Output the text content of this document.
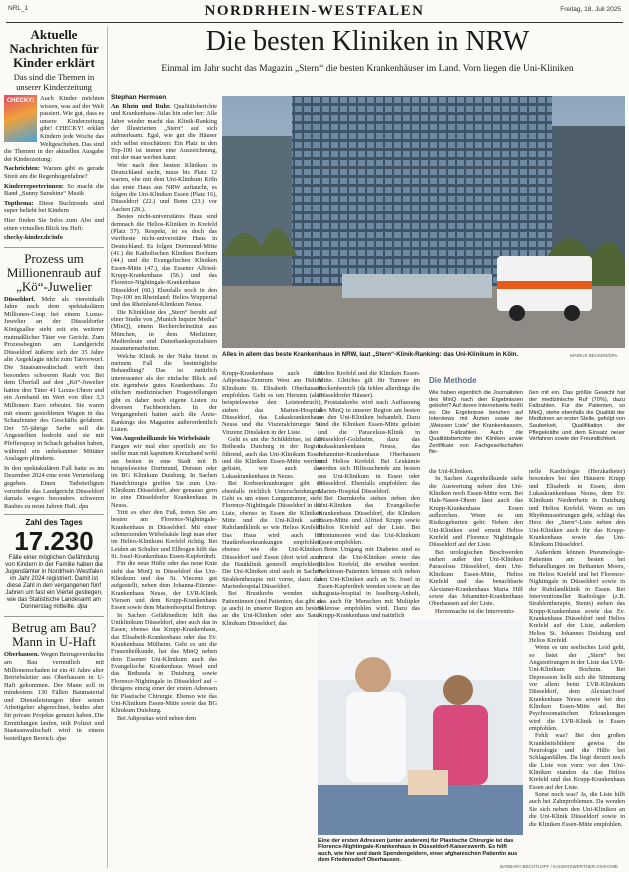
NRL_1	NORDRHEIN-WESTFALEN	Freitag, 18. Juli 2025
Aktuelle Nachrichten für Kinder erklärt
Das sind die Themen in unserer Kinderzeitung
CHECKY! Auch Kinder möchten wissen, was auf der Welt passiert. Wie gut, dass es unsere Kinderzeitung gibt! CHECKY! erklärt Kindern jede Woche das Weltgeschehen. Das sind die Themen in der aktuellen Ausgabe der Kinderzeitung:

Nachrichten: Warum gibt es gerade Streit um die Regenbogenfahne?

Kinderreporterinnen: So macht die Band „Sunny Sunshine“ Musik

Topthema: Diese Buchtrends sind super beliebt bei Kindern

Hier finden Sie Infos zum Abo und einen virtuellen Blick ins Heft:

checky-kinder.de/info

Prozess um Millionenraub auf „Kö“-Juwelier

Düsseldorf. Mehr als viereinhalb Jahre nach dem spektakulären Millionen-Coup bei einem Luxus-Juwelier an der Düsseldorfer Königsallee steht zeit ein weiterer mutmaßlicher Täter vor Gericht. Zum Prozessbeginn am Landgericht Düsseldorf äußerte sich der 35 Jahre alte Angeklagte nicht zum Tatvorwurf. Die Staatsanwaltschaft wirft ihm besonders schweren Raub vor. Bei dem Überfall auf den „Kö“-Juwelier hatten drei Täter 41 Luxus-Uhren und ein Armband im Wert von über 3,3 Millionen Euro erbeutet. Sie waren mit einem gestohlenen Wagen in das Schaufenster des Geschäfts gefahren. Der 55-jährige Serbe soll die Angestellten bedroht und sie mit Pfefferspray in Schach gehalten haben, während ein unbekannter Mittäter Auslagen plünderte.

In den spektakulären Fall hatte es im Dezember 2024 eine erste Verurteilung gegeben. Einen Tatbeteiligten verurteilte das Landgericht Düsseldorf damals wegen besonders schweren Raubes zu neun Jahren Haft. dpa

Zahl des Tages

17.230

Fälle einer möglichen Gefährdung von Kindern in der Familie haben die Jugendämter in Nordrhein-Westfalen im Jahr 2024 registriert. Damit ist diese Zahl in den vergangenen fünf Jahren um fast ein Viertel gestiegen, wie das Statistische Landesamt am Donnerstag mitteilte. dpa

Betrug am Bau? Mann in U-Haft

Oberhausen. Wegen Betrugsverdachts am Bau vermutlich mit Millionenschaden ist ein 41 Jahre alter Betriebsleiter aus Oberhausen in U-Haft gekommen. Der Mann soll in mindestens 130 Fällen Baumaterial und Dienstleistungen über seinen Arbeitgeber abgerechnet, beides aber für private Projekte genutzt haben. Die Ermittlungen laufen, teilt Polizei und Staatsanwaltschaft wird in einem besteiligen Bereich. dpa

Die besten Kliniken in NRW
Einmal im Jahr sucht das Magazin „Stern“ die besten Krankenhäuser im Land. Vorn liegen die Uni-Kliniken
Stephan Hermsen

An Rhein und Ruhr. Qualitätsberichte und Krankenhaus-Atlas hin oder her: Alle Jahre wieder macht das Klinik-Ranking der Illustrierten „Stern“ auf sich aufmerksam. Egal, wie gut die Häuser sich selbst einschätzen: Ein Platz in den Top-100 ist immer eine Auszeichnung, mit der man werben kann.

Wer nach den besten Kliniken in Deutschland sucht, muss bis Platz 12 warten, ehe mit dem Uni-Klinikum Köln das erste Haus aus NRW auftaucht, es folgen die Uni-Kliniken Essen (Platz 16), Düsseldorf (22.) und Bonn (23.) vor Aachen (28.).

Bestes nicht-universitäres Haus sind demnach die Helios-Kliniken in Krefeld (Platz 57). Respekt, ist es doch das viertbeste nicht-universitäre Haus in Deutschland. Es folgen Dortmund-Mitte (41.) die Katholischen Kliniken Bochum (44.) und die Evangelischen Kliniken Essen-Mitte (47.), das Essener Alfried-Krupp-Krankenhaus (56.) und das Florence-Nightingale-Krankenhaus Düsseldorf (60.) Ebenfalls noch in den Top-100 im Rheinland: Helios Wuppertal und das Rheinland-Klinikum Neuss.

Die Klinikliste des „Stern“ beruht auf einer Studie von „Munich Inquire Media“ (MinQ), einem Rechercheinstitut aus München, in dem Mediziner, Medienleute und Datenbankspezialisten zusammenarbeiten.

Welche Klinik in der Nähe bietet in meinem Fall die bestmögliche Behandlung? Das ist natürlich interessanter als der einfache Blick auf ein irgendwie gutes Krankenhaus. Zu etlichen medizinischen Fragestellungen gibt es daher noch eigene Listen zu diversen Fachbereichen. In der Vergangenheit hatten auch die Ärzte-Rankings des Magazins außerordentlich Listen.

Von Augenheilkunde bis Wirbelsäule

Fangen wir mal eher sportlich an: So stellte man mit kaputtem Kreuzband wohl am besten in eine Stadt mit B beispielsweise Dortmund, Dorsten oder im BG Klinikum Duisburg. In Sachen Handchirurgie greifen Sie zum Uni-Klinikum Düsseldorf, aber genauso gern in eine Düsseldorfer Krankenhaus in Neuss.

Tritt es eher den Fuß, treten Sie am besten am Florence-Nightingale-Krankenhaus in Düsseldorf. Mit einer schmerzenden Wirbelsäule liegt man eher im Helios-Klinikum Krefeld richtig. Bei Leiden an Schulter und Ellbogen hilft das St. Josef-Krankenhaus Essen-Kupferdreh.

Für die neue Hüfte oder das neue Knie sieht das MinQ in Düsseldorf das Uni-Klinikum und das St. Vincenz gut aufgestellt, neben dem Johanna-Etienne-Krankenhaus Neuss, der LVR-Klinik Viersen und dem Krupp-Krankenhaus Essen sowie dem Marienhospital Bottrop.

In Sachen Gefäßmedizin hilft das Uniklinikum Düsseldorf, aber auch das in Essen, ebenso das Krupp-Krankenhaus, das Elisabeth-Krankenhaus oder das Ev. Krankenhaus Mülheim. Geht es um die Frauenheilkunde, hat das MinQ neben dem Essener Uni-Klinikum auch das Evangelische Krankenhaus Wesel und das Bethesda in Duisburg sowie Florence-Nightingale in Düsseldorf auf – übrigens einzig einer der ersten Adressen für Plastische Chirurgie. Ebenso wie das Uni-Klinikum Essen-Mitte sowie das BG Klinikum Duisburg.

Bei Adipositas wird neben dem

Alles in allem das beste Krankenhaus in NRW, laut „Stern“-Klinik-Ranking: das Uni-Klinikum in Köln.	MARIUS BECKER/DPA

Krupp-Krankenhaus auch das Adipositas-Zentrum West am Helios Klinikum St. Elisabeth Oberhausen empfohlen. Geht es um Hernien (also beispielsweise den Leistenbruch), stehen das Marien-Hospital Düsseldorf, das Lukaskrankenhaus Neuss und die Viszeralchirurgie St. Vinzenz Dinslaken in der Liste.

Geht es um die Schilddrüse, ist das Bethesda Duisburg in der Region führend, auch das Uni-Klinikum Essen und die Kliniken Essen-Mitte werden gelistet, wie auch das Lukaskrankenhaus in Neuss.

Bei Krebserkrankungen gibt es ebenfalls reichlich Unterscheidungen. Geht es um einen Lungentumor, steht Florence-Nightingale Düsseldorf in der Liste, ebenso in Essen die Kliniken Mitte und die Uni-Klinik samt Ruhrlandklinik so wie Helios Krefeld. Das Haus wird auch für Hautkrebserkrankungen empfohlen, ebenso wie die Uni-Kliniken Düsseldorf und Essen (dort wird auch die Hautklinik generell empfohlen). Die Uni-Kliniken sind auch in Sachen Strahlentherapie mit vorne, dazu das Marienhospital Düsseldorf.

Bei Brustkrebs wenden sich Patientinnen (und Patienten, das gibt es ja auch) in unserer Region am besten an die Uni-Kliniken oder ans Sana-Klinikum Düsseldorf, das

Helios Krefeld und die Kliniken Essen-Mitte. Gleiches gilt für Tumore im Beckenbereich (da fehlen allerdings die Düsseldorfer Häuser).

Prostatakrebs wird nach Auffassung des MinQ in unserer Region am besten an den Uni-Kliniken behandelt. Dazu sind die Kliniken Essen-Mitte gelistet und die Paracelsus-Klinik in Düsseldorf-Golzheim, dazu das Lukaskrankenhaus Neuss, das Johanniter-Krankenhaus Oberhausen und Helios Krefeld. Bei Leukämie werden sich Hilfesuchende am besten ans Uni-Klinikum in Essen oder Düsseldorf. Ebenfalls empfohlen: das Marien-Hospital Düsseldorf.

Bei Darmkrebs stehen neben den Uni-Kliniken das Evangelische Krankenhaus Düsseldorf, die Kliniken Essen-Mitte und Alfried Krupp sowie Helios Krefeld auf der Liste. Bei Hirntumoren wird das Uni-Klinikum Essen empfohlen.

Beim Umgang mit Diabetes sind es erneut die Uni-Kliniken sowie das Helios Krefeld, die erwähnt werden. Parkinson-Patienten können sich neben den Uni-Kliniken auch an St. Josef in Essen-Kupferdreh wenden sowie an das Augusta-hospital in Isselburg-Anholt, das auch für Menschen mit Multipler Sklerose empfohlen wird. Dazu das Krupp-Krankenhaus und natürlich

Die Methode
Wie haben eigentlich die Journalisten des MinQ nach den Ergebnissen gebohrt? Auf deren Internetseite heißt es: Die Ergebnisse beruhen auf Interviews mit Ärzten sowie der „Weissen Liste“ der Krankenkassen, den Fallzahlen. Auch die Qualitätsberichte der Kliniken sowie Zertifikate von Fachgesellschaften flie-
ßen mit ein. Das größte Gewicht hat der medizinische Ruf (70%), dazu Fallzahlen. Für die Patienten, so MinQ, stehe ebenfalls die Qualität der Medizinen an erster Stelle, gefolgt von Sauberkeit, Qualifikation der Pflegekräfte und dem Einsatz neuer Verfahren sowie der Freundlichkeit.

die Uni-Kliniken.

In Sachen Augenheilkunde sieht die Auswertung neben den Uni-Kliniken noch Essen-Mitte vorn. Bei Hals-Nasen-Ohren lässt auch das Krupp-Krankenhaus Essen aufhorchen. Wenn es um Risikogeburten geht: Neben den Uni-Kliniken sind erneut Helios Krefeld und Florence Nightingale Düsseldorf auf der Liste.

Bei urologischen Beschwerden stehen außer den Uni-Kliniken Paracelsus Düsseldorf, dem Uni-Klinikum Essen-Mitte, Helios Krefeld und das benachbarte Alexianer-Krankenhaus Maria Hilf sowie das Johanniter-Krankenhaus Oberhausen auf der Liste.

Herzensache ist die Interventio-

nelle Kardiologie (Herzkatheter) besonders bei den Häusern Krupp und Elisabeth in Essen, dem Lukaskrankenhaus Neuss, dem Ev. Klinikum Niederrhein in Duisburg und Helios Krefeld. Wenn es um Rhythmusstörungen geht, schlägt das Herz der „Stern“-Liste neben den Uni-Kliniken auch für das Krupp-Krankenhaus sowie das Uni-Klinikum Düsseldorf.

Außerdem können Pneumologie-Patienten am besten bei Behandlungen im Bethanien Moers, im Helios Krefeld und bei Florence-Nightingale in Düsseldorf sowie in der Ruhrlandklinik in Essen. Bei Interventioneller Radiologie (z.B. Strahlentherapie, Stents) stehen das Krupp-Krankenhaus sowie das Ev. Krankenhaus Düsseldorf und Helios Krefeld auf der Liste, außerdem Helios St. Johannes Duisburg und Helios Krefeld.

Wenn es um seelisches Leid geht, so listet der „Stern“ bei Angststörungen in der Liste das LVR-Uni-Klinikum Bochum. Bei Depression hellt sich die Stimmung vor allem beim LVR-Klinikum Düsseldorf, dem Alexian/Josef Krankenhaus Neuss sowie bei den Kliniken Essen-Mitte auf. Bei Psychosomatischen Erkrankungen wird die LVR-Klinik in Essen empfohlen.

Fehlt was? Bei den großen Krankheitsbildern gewiss die Neurologie und die Hilfe bei Schlaganfällen. Da liegt derzeit noch die Liste von vorn: vor den Uni-Kliniken standen da das Helios Krefeld und das Krupp-Krankenhaus Essen auf der Liste.

Sonst noch was? Ja, die Liste hilft auch bei Zahnproblemen. Da wenden Sie sich neben den Uni-Kliniken an die Uni-Klinik Düsseldorf sowie in die Kliniken Essen-Mitte empfohlen.

Eine der ersten Adressen (unter anderem) für Plastische Chirurgie ist das Florence-Nightingale-Krankenhaus in Düsseldorf-Kaiserswerth. Es hilft auch, wie hier und dank Spendengeldern, einer afghanischen Patientin aus dem Friedensdorf Oberhausen.
BARBARA BECHTLOFF / KAISERSWERTHER DIAKONIE
